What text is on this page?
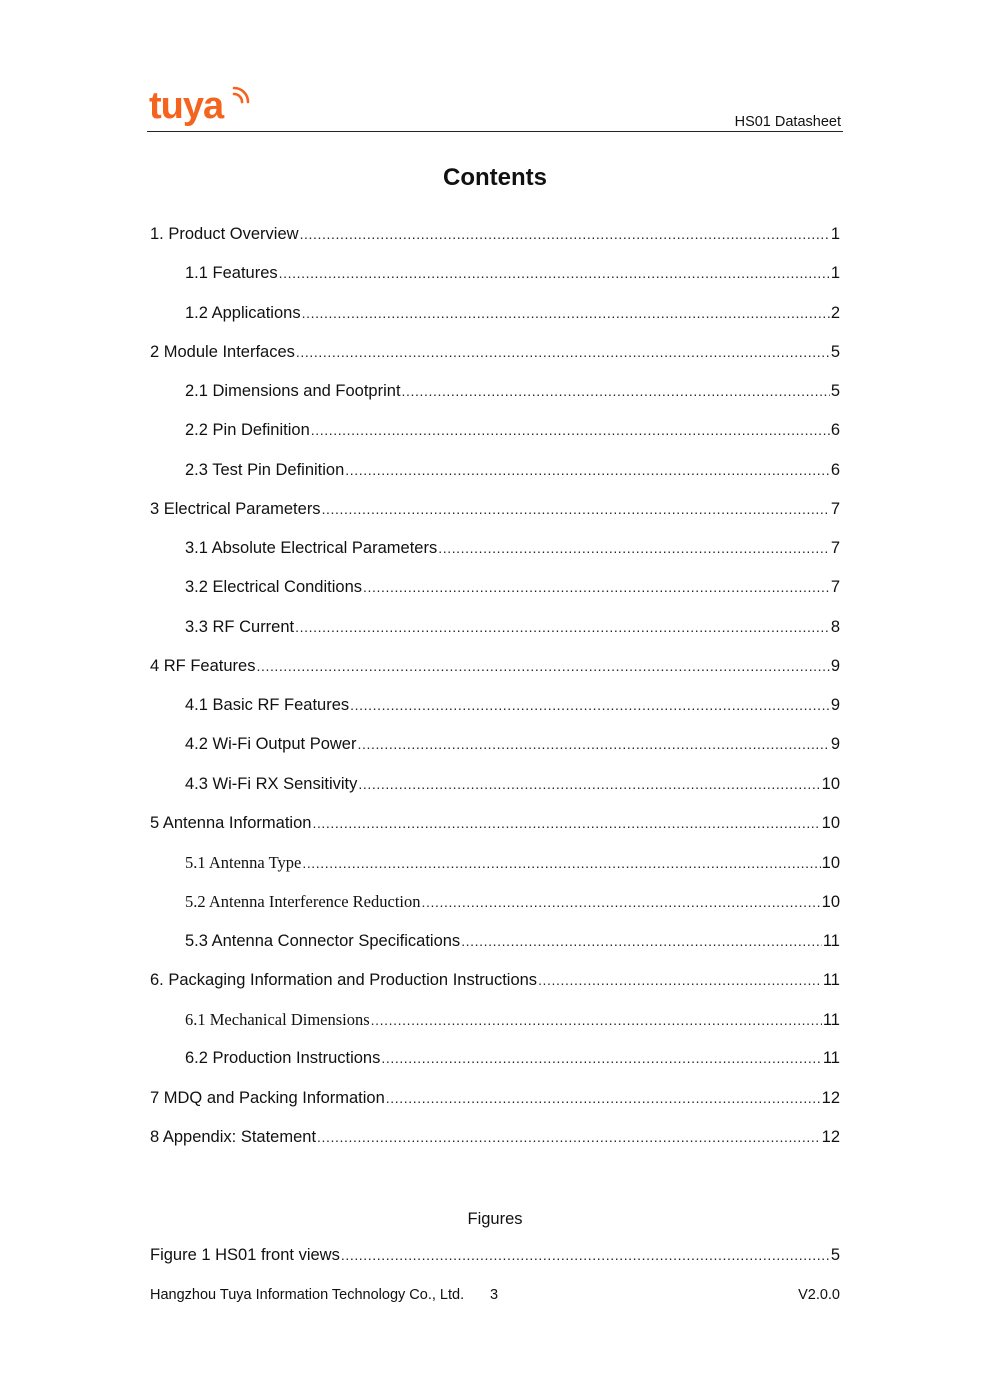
tuya	HS01 Datasheet
Contents
1. Product Overview .....	1
1.1 Features .....	1
1.2 Applications .....	2
2 Module Interfaces .....	5
2.1 Dimensions and Footprint .....	5
2.2 Pin Definition .....	6
2.3 Test Pin Definition .....	6
3 Electrical Parameters .....	7
3.1 Absolute Electrical Parameters .....	7
3.2 Electrical Conditions .....	7
3.3 RF Current .....	8
4 RF Features .....	9
4.1 Basic RF Features .....	9
4.2 Wi-Fi Output Power .....	9
4.3 Wi-Fi RX Sensitivity .....	10
5 Antenna Information .....	10
5.1 Antenna Type .....	10
5.2 Antenna Interference Reduction .....	10
5.3 Antenna Connector Specifications .....	11
6. Packaging Information and Production Instructions .....	11
6.1 Mechanical Dimensions .....	11
6.2 Production Instructions .....	11
7 MDQ and Packing Information .....	12
8 Appendix: Statement .....	12
Figures
Figure 1 HS01 front views .....	5
Hangzhou Tuya Information Technology Co., Ltd. 3	V2.0.0
